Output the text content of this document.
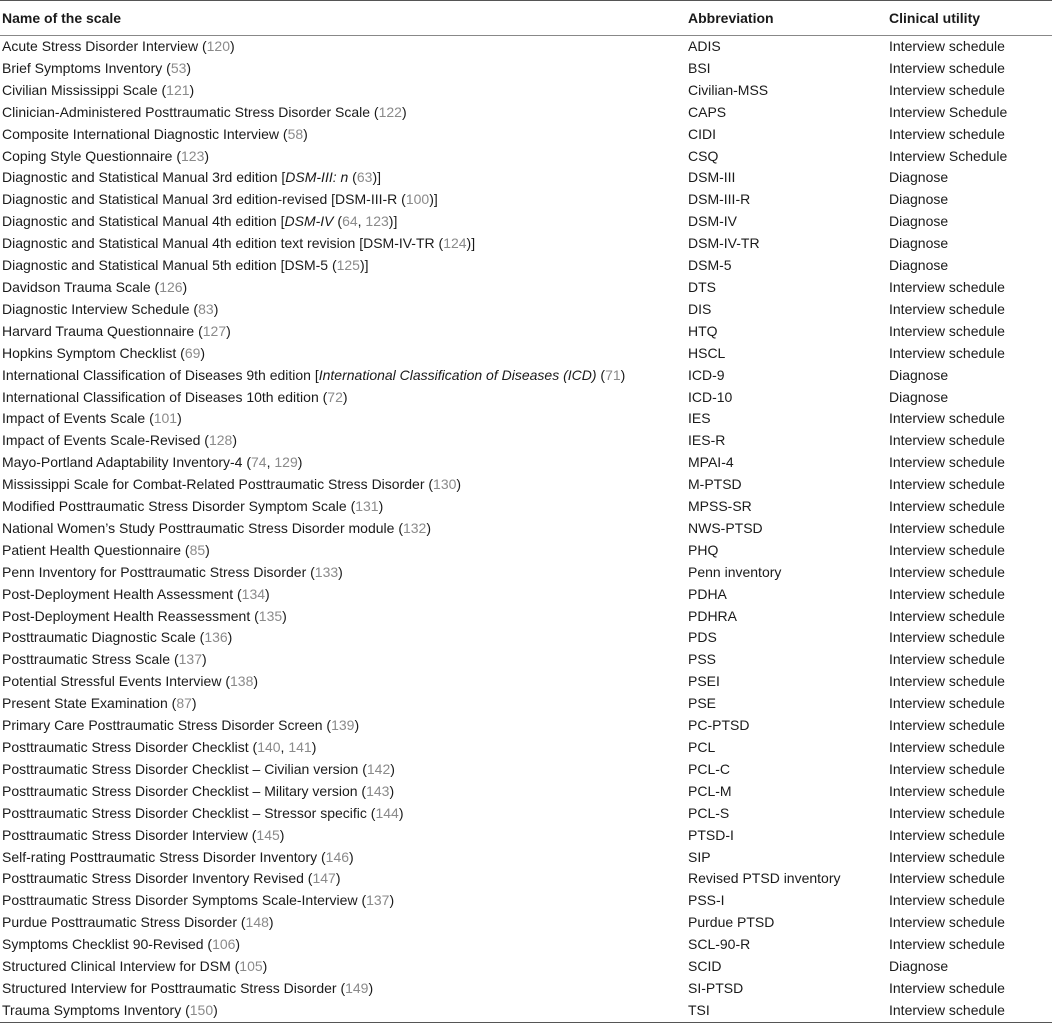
Name of the scale	Abbreviation	Clinical utility
Acute Stress Disorder Interview (120)	ADIS	Interview schedule
Brief Symptoms Inventory (53)	BSI	Interview schedule
Civilian Mississippi Scale (121)	Civilian-MSS	Interview schedule
Clinician-Administered Posttraumatic Stress Disorder Scale (122)	CAPS	Interview Schedule
Composite International Diagnostic Interview (58)	CIDI	Interview schedule
Coping Style Questionnaire (123)	CSQ	Interview Schedule
Diagnostic and Statistical Manual 3rd edition [DSM-III: n (63)]	DSM-III	Diagnose
Diagnostic and Statistical Manual 3rd edition-revised [DSM-III-R (100)]	DSM-III-R	Diagnose
Diagnostic and Statistical Manual 4th edition [DSM-IV (64, 123)]	DSM-IV	Diagnose
Diagnostic and Statistical Manual 4th edition text revision [DSM-IV-TR (124)]	DSM-IV-TR	Diagnose
Diagnostic and Statistical Manual 5th edition [DSM-5 (125)]	DSM-5	Diagnose
Davidson Trauma Scale (126)	DTS	Interview schedule
Diagnostic Interview Schedule (83)	DIS	Interview schedule
Harvard Trauma Questionnaire (127)	HTQ	Interview schedule
Hopkins Symptom Checklist (69)	HSCL	Interview schedule
International Classification of Diseases 9th edition [International Classification of Diseases (ICD) (71)	ICD-9	Diagnose
International Classification of Diseases 10th edition (72)	ICD-10	Diagnose
Impact of Events Scale (101)	IES	Interview schedule
Impact of Events Scale-Revised (128)	IES-R	Interview schedule
Mayo-Portland Adaptability Inventory-4 (74, 129)	MPAI-4	Interview schedule
Mississippi Scale for Combat-Related Posttraumatic Stress Disorder (130)	M-PTSD	Interview schedule
Modified Posttraumatic Stress Disorder Symptom Scale (131)	MPSS-SR	Interview schedule
National Women’s Study Posttraumatic Stress Disorder module (132)	NWS-PTSD	Interview schedule
Patient Health Questionnaire (85)	PHQ	Interview schedule
Penn Inventory for Posttraumatic Stress Disorder (133)	Penn inventory	Interview schedule
Post-Deployment Health Assessment (134)	PDHA	Interview schedule
Post-Deployment Health Reassessment (135)	PDHRA	Interview schedule
Posttraumatic Diagnostic Scale (136)	PDS	Interview schedule
Posttraumatic Stress Scale (137)	PSS	Interview schedule
Potential Stressful Events Interview (138)	PSEI	Interview schedule
Present State Examination (87)	PSE	Interview schedule
Primary Care Posttraumatic Stress Disorder Screen (139)	PC-PTSD	Interview schedule
Posttraumatic Stress Disorder Checklist (140, 141)	PCL	Interview schedule
Posttraumatic Stress Disorder Checklist – Civilian version (142)	PCL-C	Interview schedule
Posttraumatic Stress Disorder Checklist – Military version (143)	PCL-M	Interview schedule
Posttraumatic Stress Disorder Checklist – Stressor specific (144)	PCL-S	Interview schedule
Posttraumatic Stress Disorder Interview (145)	PTSD-I	Interview schedule
Self-rating Posttraumatic Stress Disorder Inventory (146)	SIP	Interview schedule
Posttraumatic Stress Disorder Inventory Revised (147)	Revised PTSD inventory	Interview schedule
Posttraumatic Stress Disorder Symptoms Scale-Interview (137)	PSS-I	Interview schedule
Purdue Posttraumatic Stress Disorder (148)	Purdue PTSD	Interview schedule
Symptoms Checklist 90-Revised (106)	SCL-90-R	Interview schedule
Structured Clinical Interview for DSM (105)	SCID	Diagnose
Structured Interview for Posttraumatic Stress Disorder (149)	SI-PTSD	Interview schedule
Trauma Symptoms Inventory (150)	TSI	Interview schedule
